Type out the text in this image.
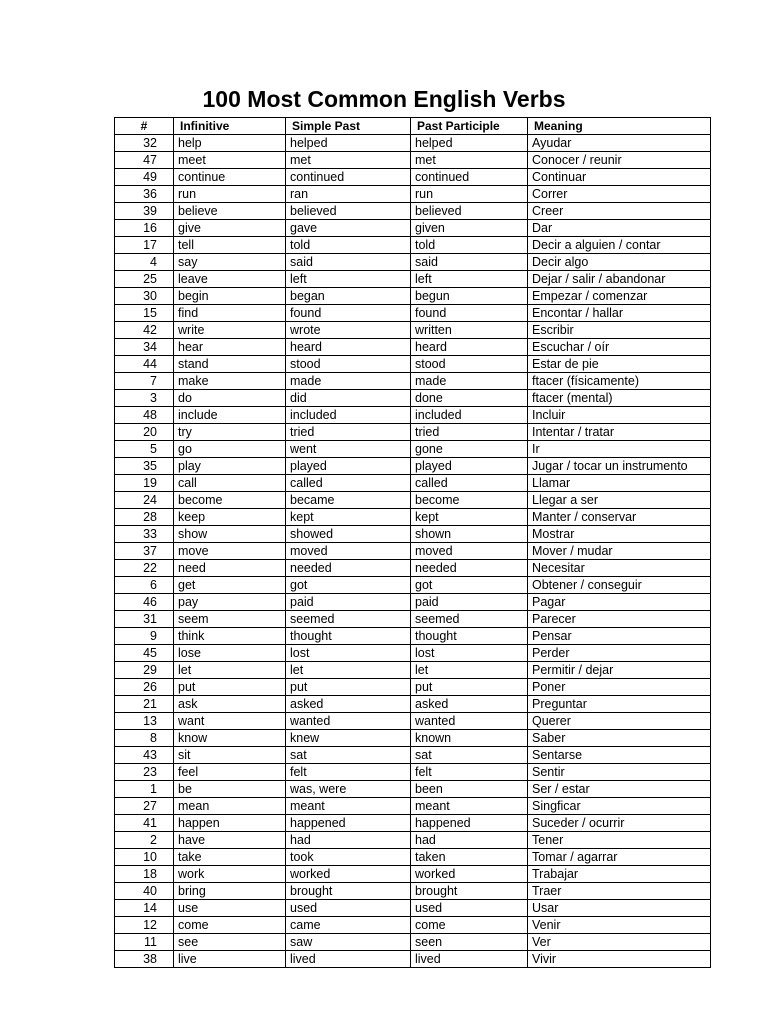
100 Most Common English Verbs
#	Infinitive	Simple Past	Past Participle	Meaning
32	help	helped	helped	Ayudar
47	meet	met	met	Conocer / reunir
49	continue	continued	continued	Continuar
36	run	ran	run	Correr
39	believe	believed	believed	Creer
16	give	gave	given	Dar
17	tell	told	told	Decir a alguien / contar
4	say	said	said	Decir algo
25	leave	left	left	Dejar / salir / abandonar
30	begin	began	begun	Empezar / comenzar
15	find	found	found	Encontar / hallar
42	write	wrote	written	Escribir
34	hear	heard	heard	Escuchar / oír
44	stand	stood	stood	Estar de pie
7	make	made	made	ftacer (físicamente)
3	do	did	done	ftacer (mental)
48	include	included	included	Incluir
20	try	tried	tried	Intentar / tratar
5	go	went	gone	Ir
35	play	played	played	Jugar / tocar un instrumento
19	call	called	called	Llamar
24	become	became	become	Llegar a ser
28	keep	kept	kept	Manter / conservar
33	show	showed	shown	Mostrar
37	move	moved	moved	Mover / mudar
22	need	needed	needed	Necesitar
6	get	got	got	Obtener / conseguir
46	pay	paid	paid	Pagar
31	seem	seemed	seemed	Parecer
9	think	thought	thought	Pensar
45	lose	lost	lost	Perder
29	let	let	let	Permitir / dejar
26	put	put	put	Poner
21	ask	asked	asked	Preguntar
13	want	wanted	wanted	Querer
8	know	knew	known	Saber
43	sit	sat	sat	Sentarse
23	feel	felt	felt	Sentir
1	be	was, were	been	Ser / estar
27	mean	meant	meant	Singficar
41	happen	happened	happened	Suceder / ocurrir
2	have	had	had	Tener
10	take	took	taken	Tomar / agarrar
18	work	worked	worked	Trabajar
40	bring	brought	brought	Traer
14	use	used	used	Usar
12	come	came	come	Venir
11	see	saw	seen	Ver
38	live	lived	lived	Vivir
